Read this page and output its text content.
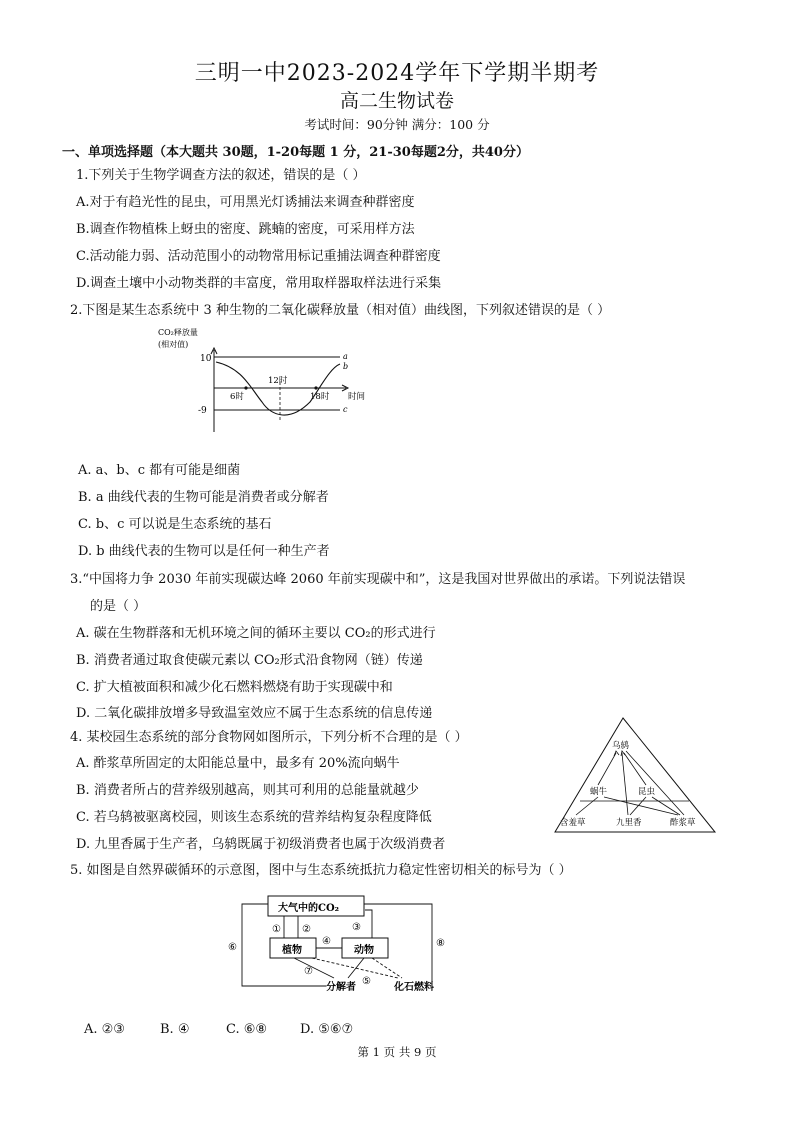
三明一中2023-2024学年下学期半期考
高二生物试卷
考试时间：90分钟 满分：100 分
一、单项选择题（本大题共 30题，1-20每题 1 分，21-30每题2分，共40分）
1.下列关于生物学调查方法的叙述，错误的是（ ）
A.对于有趋光性的昆虫，可用黑光灯诱捕法来调查种群密度
B.调查作物植株上蚜虫的密度、跳蝻的密度，可采用样方法
C.活动能力弱、活动范围小的动物常用标记重捕法调查种群密度
D.调查土壤中小动物类群的丰富度，常用取样器取样法进行采集
2.下图是某生态系统中 3 种生物的二氧化碳释放量（相对值）曲线图，下列叙述错误的是（ ）
CO₂释放量
(相对值)
10
-9
6时
12时
18时 时间
a
b
c
A. a、b、c 都有可能是细菌
B. a 曲线代表的生物可能是消费者或分解者
C. b、c 可以说是生态系统的基石
D. b 曲线代表的生物可以是任何一种生产者
3.“中国将力争 2030 年前实现碳达峰 2060 年前实现碳中和”，这是我国对世界做出的承诺。下列说法错误
的是（ ）
A. 碳在生物群落和无机环境之间的循环主要以 CO₂的形式进行
B. 消费者通过取食使碳元素以 CO₂形式沿食物网（链）传递
C. 扩大植被面积和减少化石燃料燃烧有助于实现碳中和
D. 二氧化碳排放增多导致温室效应不属于生态系统的信息传递
4. 某校园生态系统的部分食物网如图所示，下列分析不合理的是（ ）
A. 酢浆草所固定的太阳能总量中，最多有 20%流向蜗牛
B. 消费者所占的营养级别越高，则其可利用的总能量就越少
C. 若乌鸫被驱离校园，则该生态系统的营养结构复杂程度降低
D. 九里香属于生产者，乌鸫既属于初级消费者也属于次级消费者
乌鸫
蜗牛	昆虫
含羞草	九里香	酢浆草
5. 如图是自然界碳循环的示意图，图中与生态系统抵抗力稳定性密切相关的标号为（ ）
大气中的CO₂
植物	动物
分解者	化石燃料
① ②	③
④
⑤
⑥
⑦
⑧
A. ②③	B. ④	C. ⑥⑧	D. ⑤⑥⑦
第 1 页 共 9 页
